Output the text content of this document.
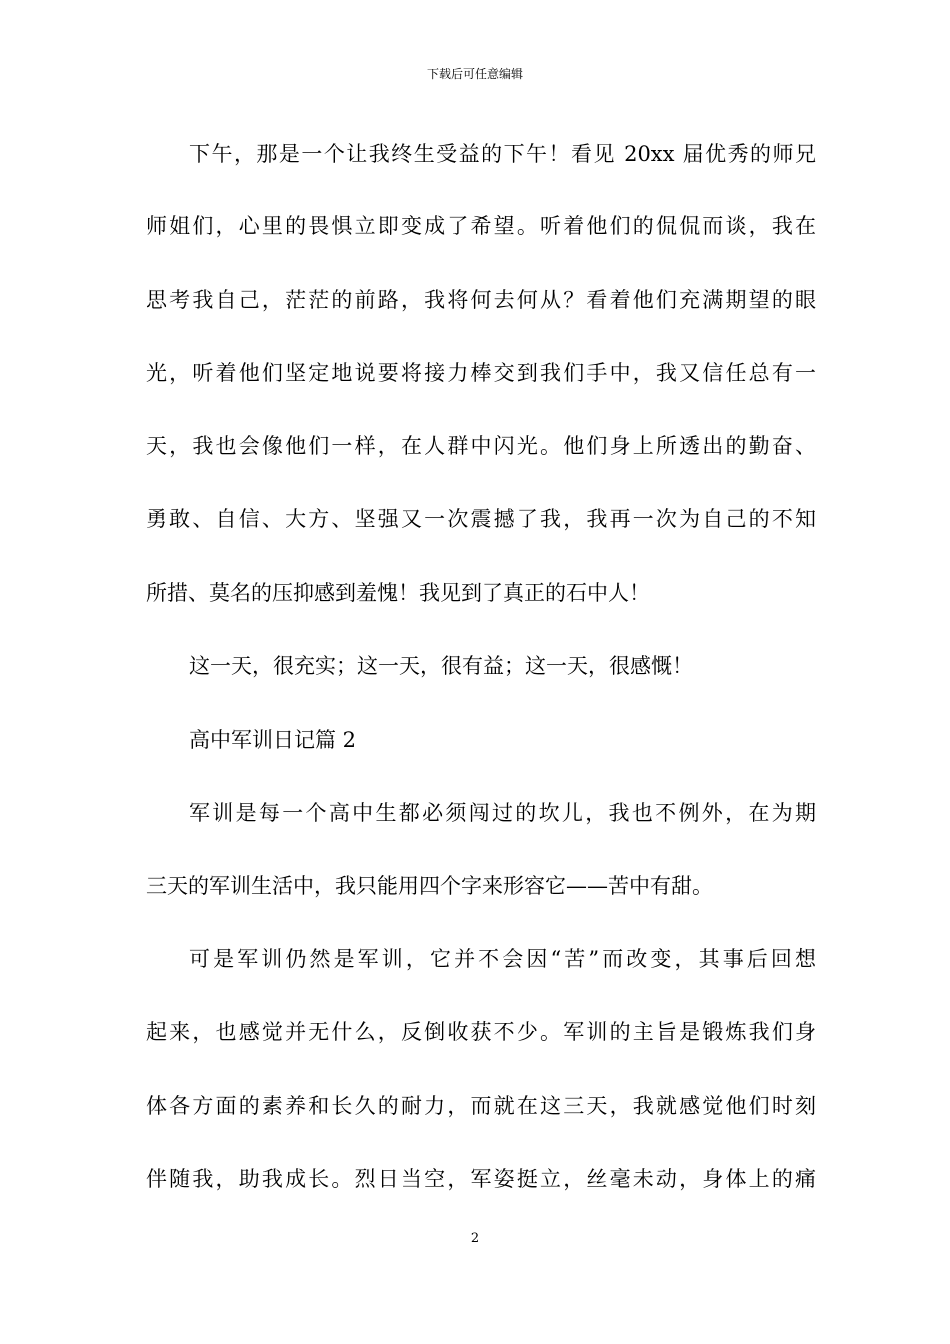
下载后可任意编辑
下午，那是一个让我终生受益的下午！看见 20xx 届优秀的师兄
师姐们，心里的畏惧立即变成了希望。听着他们的侃侃而谈，我在
思考我自己，茫茫的前路，我将何去何从？看着他们充满期望的眼
光，听着他们坚定地说要将接力棒交到我们手中，我又信任总有一
天，我也会像他们一样，在人群中闪光。他们身上所透出的勤奋、
勇敢、自信、大方、坚强又一次震撼了我，我再一次为自己的不知
所措、莫名的压抑感到羞愧！我见到了真正的石中人！
这一天，很充实；这一天，很有益；这一天，很感慨！
高中军训日记篇 2
军训是每一个高中生都必须闯过的坎儿，我也不例外，在为期
三天的军训生活中，我只能用四个字来形容它——苦中有甜。
可是军训仍然是军训，它并不会因“苦”而改变，其事后回想
起来，也感觉并无什么，反倒收获不少。军训的主旨是锻炼我们身
体各方面的素养和长久的耐力，而就在这三天，我就感觉他们时刻
伴随我，助我成长。烈日当空，军姿挺立，丝毫未动，身体上的痛
2
